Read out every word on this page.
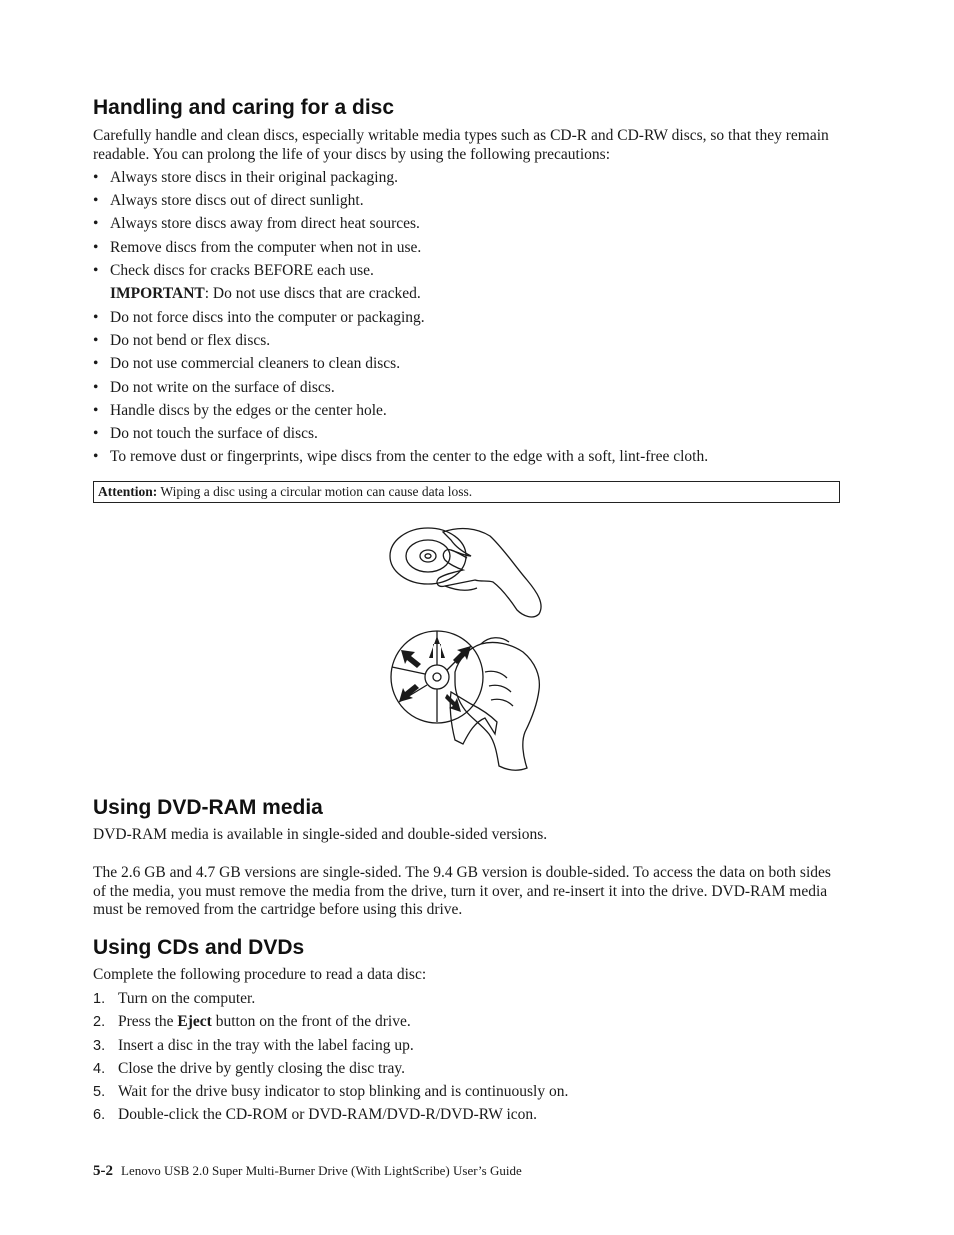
Handling and caring for a disc

Carefully handle and clean discs, especially writable media types such as CD-R and CD-RW discs, so that they remain readable. You can prolong the life of your discs by using the following precautions:

• Always store discs in their original packaging.
• Always store discs out of direct sunlight.
• Always store discs away from direct heat sources.
• Remove discs from the computer when not in use.
• Check discs for cracks BEFORE each use.
IMPORTANT: Do not use discs that are cracked.
• Do not force discs into the computer or packaging.
• Do not bend or flex discs.
• Do not use commercial cleaners to clean discs.
• Do not write on the surface of discs.
• Handle discs by the edges or the center hole.
• Do not touch the surface of discs.
• To remove dust or fingerprints, wipe discs from the center to the edge with a soft, lint-free cloth.
Attention: Wiping a disc using a circular motion can cause data loss.
Using DVD-RAM media

DVD-RAM media is available in single-sided and double-sided versions.

The 2.6 GB and 4.7 GB versions are single-sided. The 9.4 GB version is double-sided. To access the data on both sides of the media, you must remove the media from the drive, turn it over, and re-insert it into the drive. DVD-RAM media must be removed from the cartridge before using this drive.

Using CDs and DVDs

Complete the following procedure to read a data disc:

1. Turn on the computer.
2. Press the Eject button on the front of the drive.
3. Insert a disc in the tray with the label facing up.
4. Close the drive by gently closing the disc tray.
5. Wait for the drive busy indicator to stop blinking and is continuously on.
6. Double-click the CD-ROM or DVD-RAM/DVD-R/DVD-RW icon.
5-2 Lenovo USB 2.0 Super Multi-Burner Drive (With LightScribe) User’s Guide
